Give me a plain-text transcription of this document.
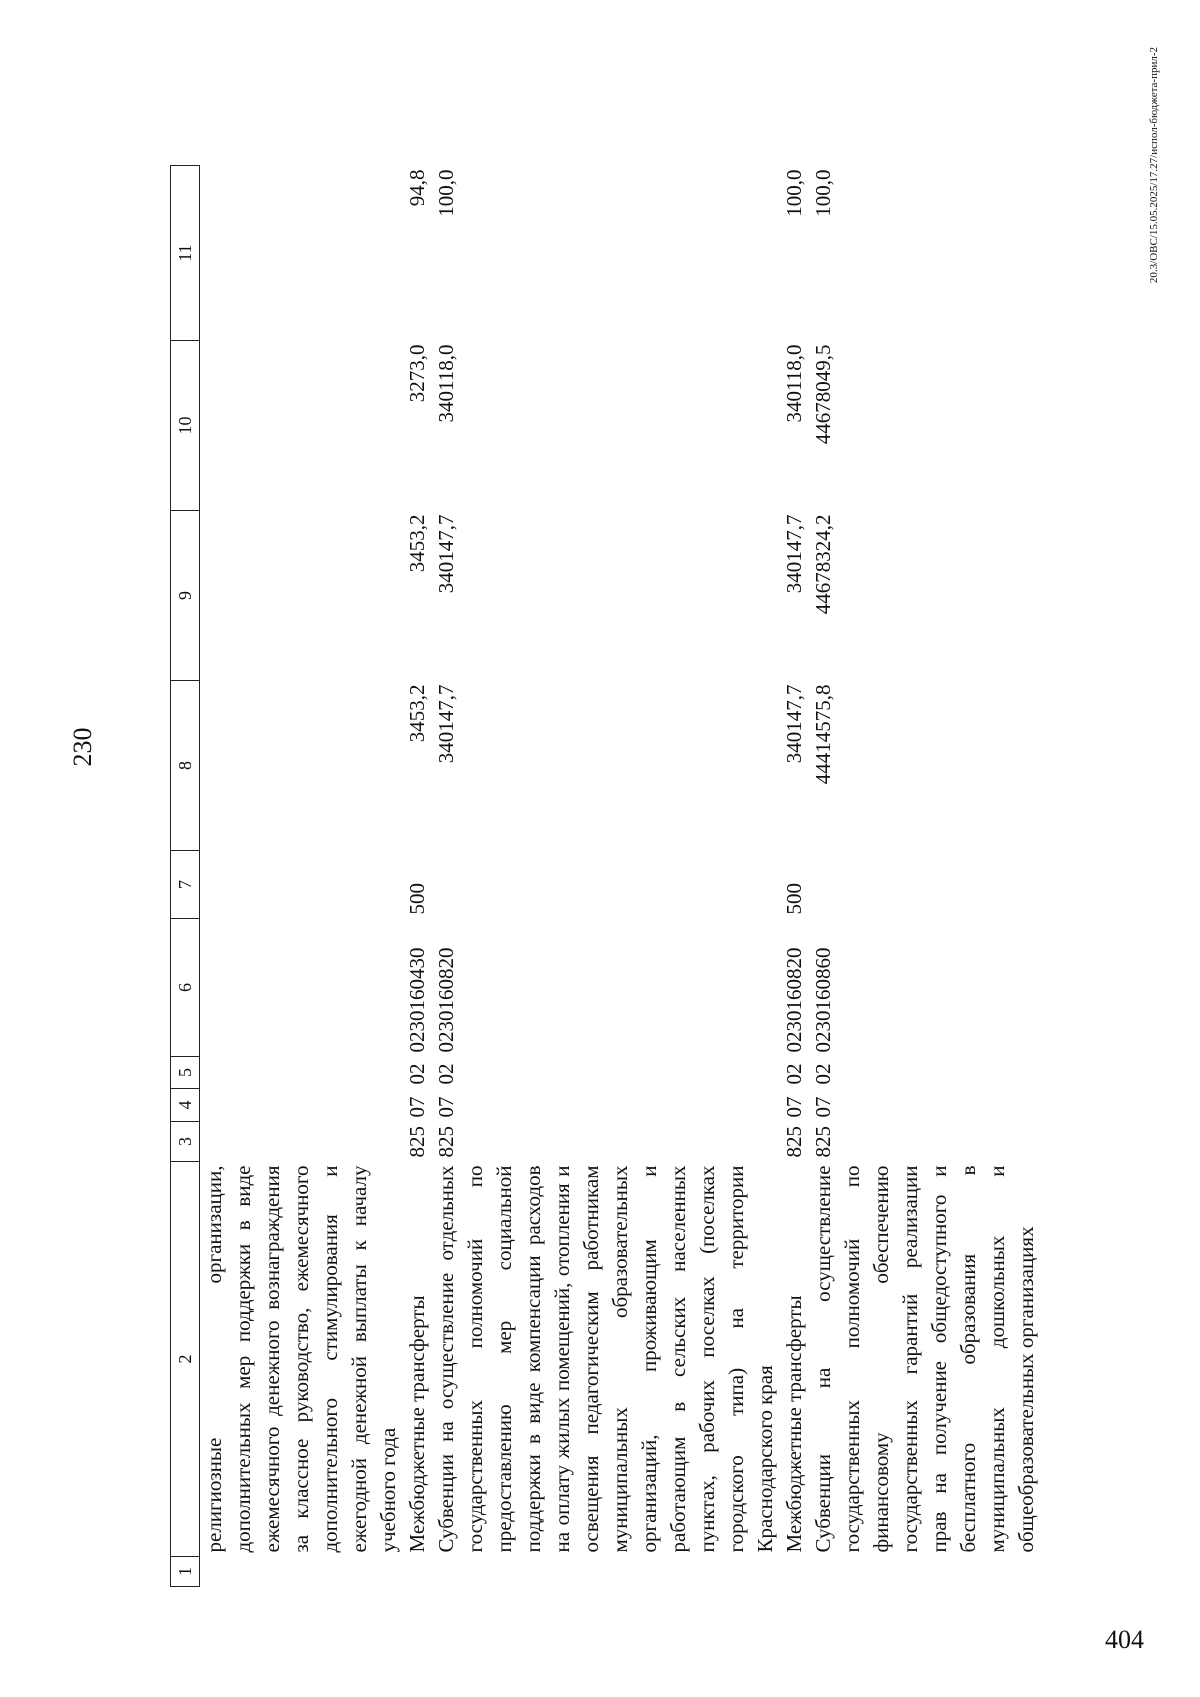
230
1	2	3	4	5	6	7	8	9	10	11
	религиозные организации, дополнительных мер поддержки в виде ежемесячного денежного вознаграждения за классное руководство, ежемесячного дополнительного стимулирования и ежегодной денежной выплаты к началу учебного года									
	Межбюджетные трансферты	825	07	02	0230160430	500	3453,2	3453,2	3273,0	94,8
	Субвенции на осуществление отдельных государственных полномочий по предоставлению мер социальной поддержки в виде компенсации расходов на оплату жилых помещений, отопления и освещения педагогическим работникам муниципальных образовательных организаций, проживающим и работающим в сельских населенных пунктах, рабочих поселках (поселках городского типа) на территории Краснодарского края	825	07	02	0230160820		340147,7	340147,7	340118,0	100,0
	Межбюджетные трансферты	825	07	02	0230160820	500	340147,7	340147,7	340118,0	100,0
	Субвенции на осуществление государственных полномочий по финансовому обеспечению государственных гарантий реализации прав на получение общедоступного и бесплатного образования в муниципальных дошкольных и общеобразовательных организациях	825	07	02	0230160860		44414575,8	44678324,2	44678049,5	100,0	20.3/ОВС/15.05.2025/17.27/испол-бюджета-прил-2
404
